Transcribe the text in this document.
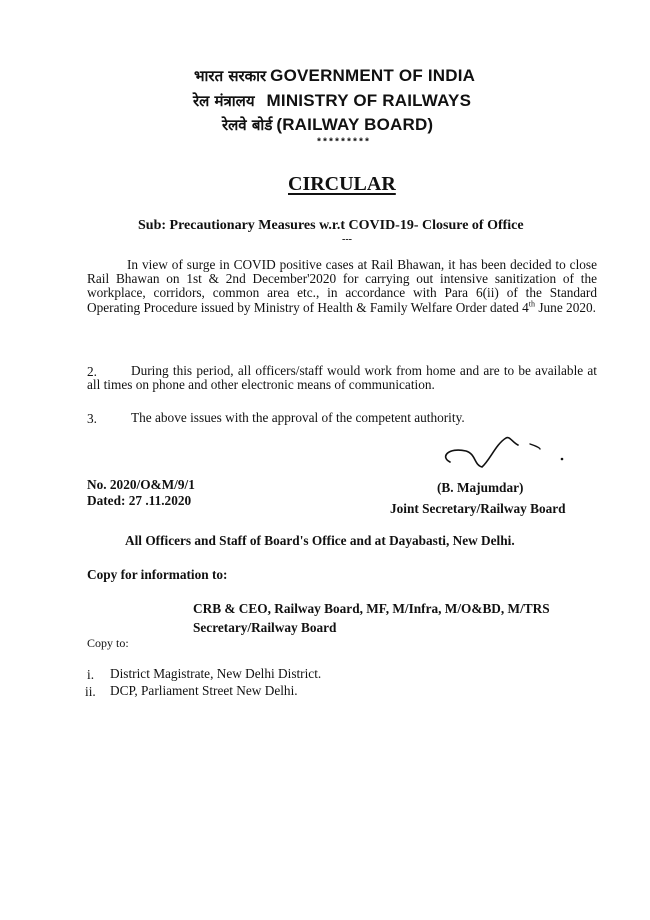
भारत सरकार GOVERNMENT OF INDIA
रेल मंत्रालय MINISTRY OF RAILWAYS
रेलवे बोर्ड (RAILWAY BOARD)
*********
CIRCULAR
Sub: Precautionary Measures w.r.t COVID-19- Closure of Office
---
In view of surge in COVID positive cases at Rail Bhawan, it has been decided to close Rail Bhawan on 1st & 2nd December'2020 for carrying out intensive sanitization of the workplace, corridors, common area etc., in accordance with Para 6(ii) of the Standard Operating Procedure issued by Ministry of Health & Family Welfare Order dated 4th June 2020.
2.	During this period, all officers/staff would work from home and are to be available at all times on phone and other electronic means of communication.
3.	The above issues with the approval of the competent authority.
No. 2020/O&M/9/1
Dated: 27 .11.2020
(B. Majumdar)
Joint Secretary/Railway Board
All Officers and Staff of Board's Office and at Dayabasti, New Delhi.
Copy for information to:
CRB & CEO, Railway Board, MF, M/Infra, M/O&BD, M/TRS
Secretary/Railway Board
Copy to:
i. District Magistrate, New Delhi District.
ii. DCP, Parliament Street New Delhi.
